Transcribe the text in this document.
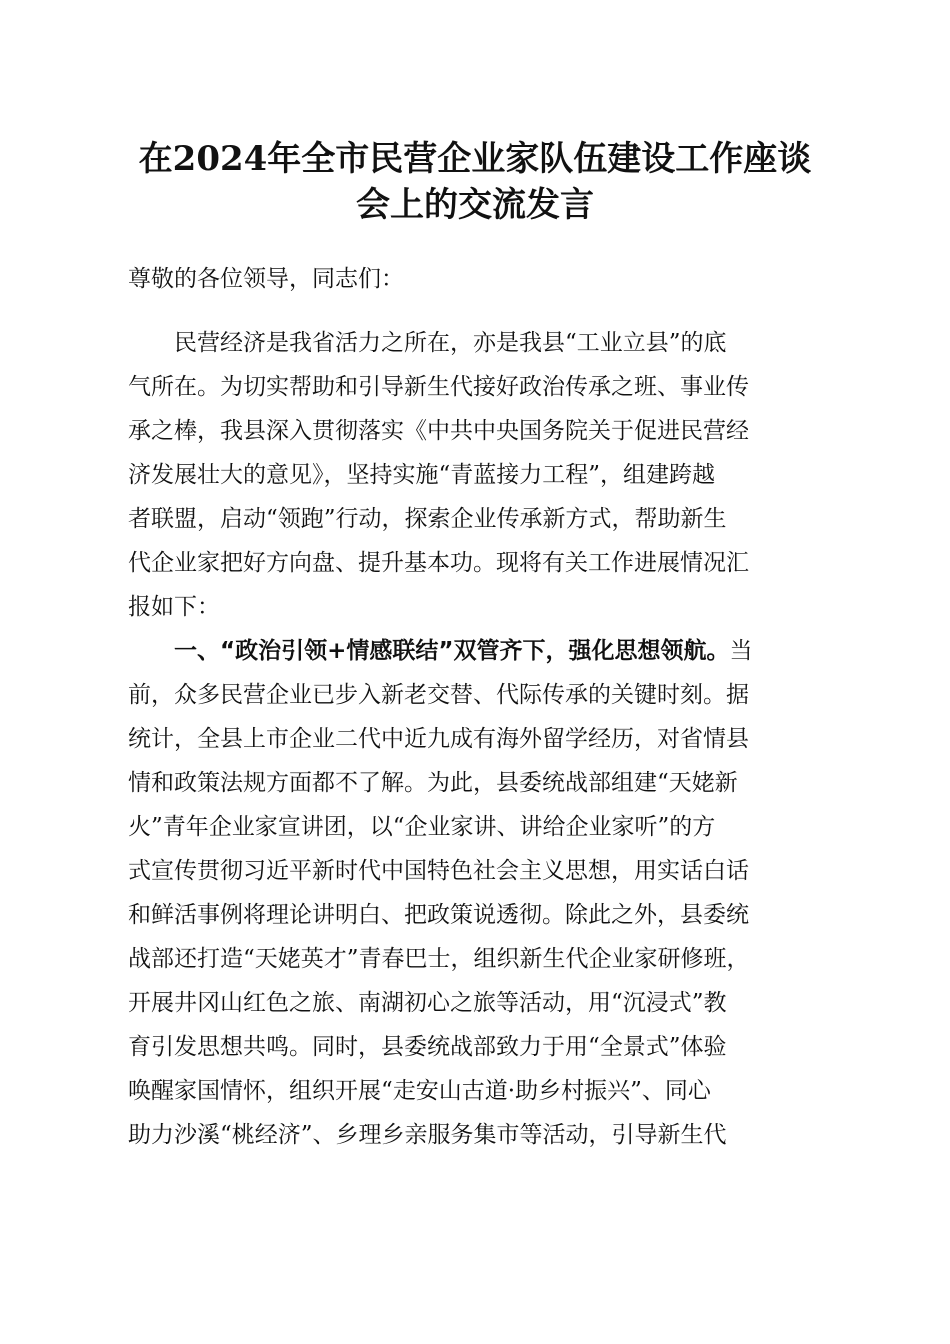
在2024年全市民营企业家队伍建设工作座谈
会上的交流发言
尊敬的各位领导，同志们：
民营经济是我省活力之所在，亦是我县“工业立县”的底
气所在。为切实帮助和引导新生代接好政治传承之班、事业传
承之棒，我县深入贯彻落实《中共中央国务院关于促进民营经
济发展壮大的意见》，坚持实施“青蓝接力工程”，组建跨越
者联盟，启动“领跑”行动，探索企业传承新方式，帮助新生
代企业家把好方向盘、提升基本功。现将有关工作进展情况汇
报如下：
一、“政治引领+情感联结”双管齐下，强化思想领航。当
前，众多民营企业已步入新老交替、代际传承的关键时刻。据
统计，全县上市企业二代中近九成有海外留学经历，对省情县
情和政策法规方面都不了解。为此，县委统战部组建“天姥新
火”青年企业家宣讲团，以“企业家讲、讲给企业家听”的方
式宣传贯彻习近平新时代中国特色社会主义思想，用实话白话
和鲜活事例将理论讲明白、把政策说透彻。除此之外，县委统
战部还打造“天姥英才”青春巴士，组织新生代企业家研修班，
开展井冈山红色之旅、南湖初心之旅等活动，用“沉浸式”教
育引发思想共鸣。同时，县委统战部致力于用“全景式”体验
唤醒家国情怀，组织开展“走安山古道·助乡村振兴”、同心
助力沙溪“桃经济”、乡理乡亲服务集市等活动，引导新生代
